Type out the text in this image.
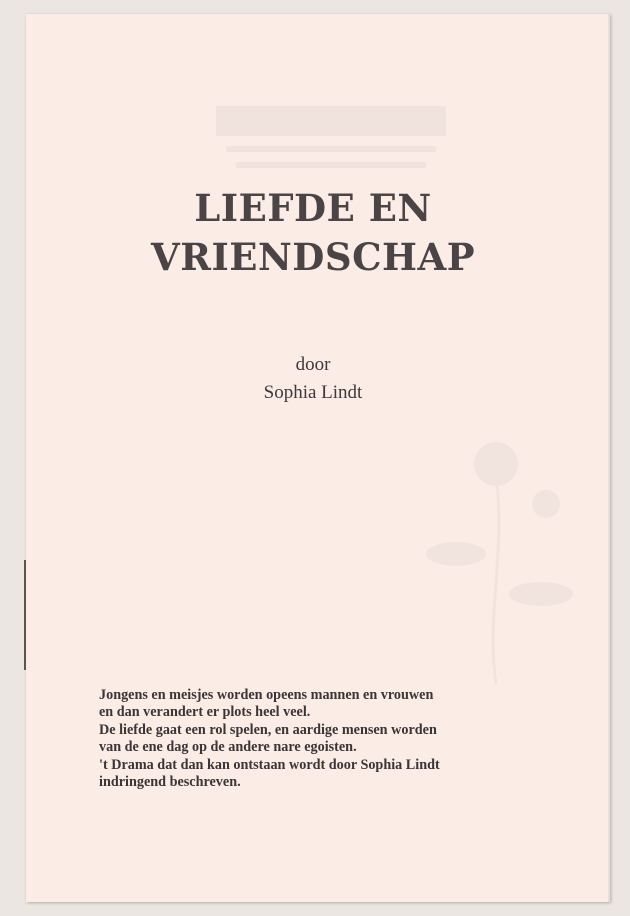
LIEFDE EN
VRIENDSCHAP
door
Sophia Lindt
Jongens en meisjes worden opeens mannen en vrouwen
en dan verandert er plots heel veel.
De liefde gaat een rol spelen, en aardige mensen worden
van de ene dag op de andere nare egoisten.
't Drama dat dan kan ontstaan wordt door Sophia Lindt
indringend beschreven.
